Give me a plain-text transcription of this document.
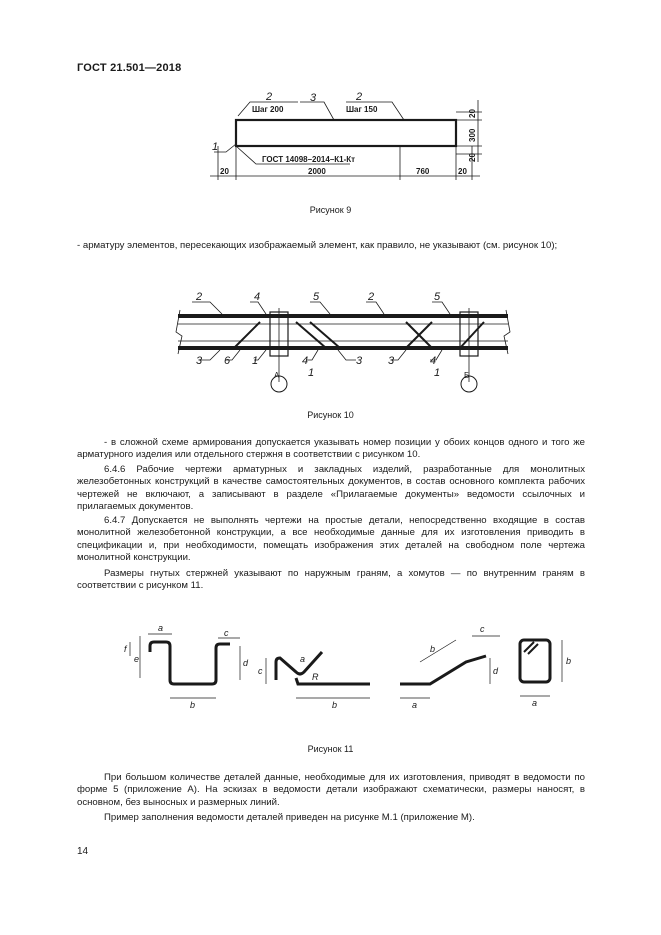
ГОСТ 21.501—2018
2	3	2
Шаг 200	Шаг 150
1
ГОСТ 14098–2014–К1-Кт
20	2000	760	20
20
300
20
Рисунок 9
- арматуру элементов, пересекающих изображаемый элемент, как правило, не указывают (см. рисунок 10);
2	4	5	2	5
3 6 1	4
1
3 3	4
1
А	Б
Рисунок 10
- в сложной схеме армирования допускается указывать номер позиции у обоих концов одного и того же арматурного изделия или отдельного стержня в соответствии с рисунком 10.
6.4.6 Рабочие чертежи арматурных и закладных изделий, разработанные для монолитных железобетонных конструкций в качестве самостоятельных документов, в состав основного комплекта рабочих чертежей не включают, а записывают в разделе «Прилагаемые документы» ведомости ссылочных и прилагаемых документов.
6.4.7 Допускается не выполнять чертежи на простые детали, непосредственно входящие в состав монолитной железобетонной конструкции, а все необходимые данные для их изготовления приводить в спецификации и, при необходимости, помещать изображения этих деталей на свободном поле чертежа монолитной конструкции.
Размеры гнутых стержней указывают по наружным граням, а хомутов — по внутренним граням в соответствии с рисунком 11.
a
e
f
b
c
d
c
a
R
b	a
b
c
d
a
b
Рисунок 11
При большом количестве деталей данные, необходимые для их изготовления, приводят в ведомости по форме 5 (приложение А). На эскизах в ведомости детали изображают схематически, размеры наносят, в основном, без выносных и размерных линий.
Пример заполнения ведомости деталей приведен на рисунке М.1 (приложение М).
14
